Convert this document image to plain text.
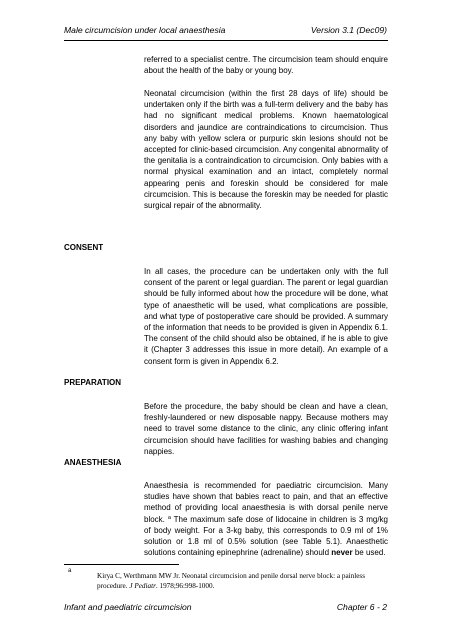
Male circumcision under local anaesthesia	Version 3.1 (Dec09)

referred to a specialist centre. The circumcision team should enquire about the health of the baby or young boy.

Neonatal circumcision (within the first 28 days of life) should be undertaken only if the birth was a full-term delivery and the baby has had no significant medical problems. Known haematological disorders and jaundice are contraindications to circumcision. Thus any baby with yellow sclera or purpuric skin lesions should not be accepted for clinic-based circumcision. Any congenital abnormality of the genitalia is a contraindication to circumcision. Only babies with a normal physical examination and an intact, completely normal appearing penis and foreskin should be considered for male circumcision. This is because the foreskin may be needed for plastic surgical repair of the abnormality.

CONSENT

In all cases, the procedure can be undertaken only with the full consent of the parent or legal guardian. The parent or legal guardian should be fully informed about how the procedure will be done, what type of anaesthetic will be used, what complications are possible, and what type of postoperative care should be provided. A summary of the information that needs to be provided is given in Appendix 6.1. The consent of the child should also be obtained, if he is able to give it (Chapter 3 addresses this issue in more detail). An example of a consent form is given in Appendix 6.2.

PREPARATION

Before the procedure, the baby should be clean and have a clean, freshly-laundered or new disposable nappy. Because mothers may need to travel some distance to the clinic, any clinic offering infant circumcision should have facilities for washing babies and changing nappies.

ANAESTHESIA

Anaesthesia is recommended for paediatric circumcision. Many studies have shown that babies react to pain, and that an effective method of providing local anaesthesia is with dorsal penile nerve block. $^a$ The maximum safe dose of lidocaine in children is 3 mg/kg of body weight. For a 3-kg baby, this corresponds to 0.9 ml of 1% solution or 1.8 ml of 0.5% solution (see Table 5.1). Anaesthetic solutions containing epinephrine (adrenaline) should never be used.

a

Kirya C, Werthmann MW Jr. Neonatal circumcision and penile dorsal nerve block: a painless procedure. J Pediatr. 1978;96:998-1000.

Infant and paediatric circumcision	Chapter 6 - 2
